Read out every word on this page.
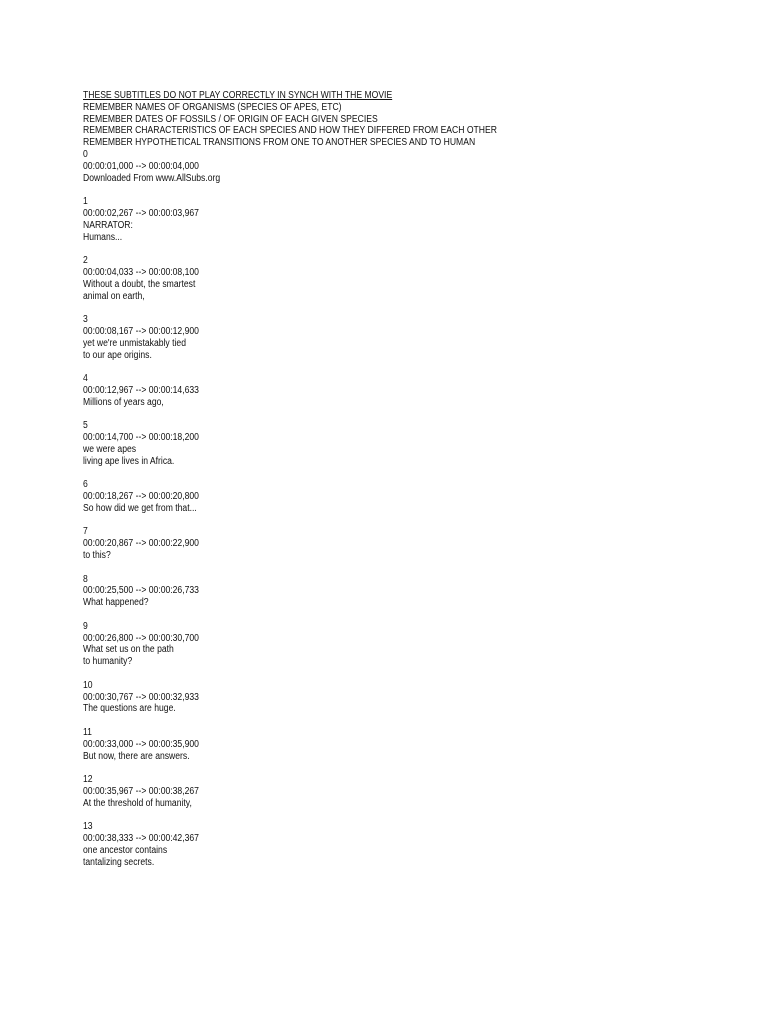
THESE SUBTITLES DO NOT PLAY CORRECTLY IN SYNCH WITH THE MOVIE
REMEMBER NAMES OF ORGANISMS (SPECIES OF APES, ETC)
REMEMBER DATES OF FOSSILS / OF ORIGIN OF EACH GIVEN SPECIES
REMEMBER CHARACTERISTICS OF EACH SPECIES AND HOW THEY DIFFERED FROM EACH OTHER
REMEMBER HYPOTHETICAL TRANSITIONS FROM ONE TO ANOTHER SPECIES AND TO HUMAN
0
00:00:01,000 --> 00:00:04,000
Downloaded From www.AllSubs.org
1
00:00:02,267 --> 00:00:03,967
NARRATOR:
Humans...
2
00:00:04,033 --> 00:00:08,100
Without a doubt, the smartest
animal on earth,
3
00:00:08,167 --> 00:00:12,900
yet we're unmistakably tied
to our ape origins.
4
00:00:12,967 --> 00:00:14,633
Millions of years ago,
5
00:00:14,700 --> 00:00:18,200
we were apes
living ape lives in Africa.
6
00:00:18,267 --> 00:00:20,800
So how did we get from that...
7
00:00:20,867 --> 00:00:22,900
to this?
8
00:00:25,500 --> 00:00:26,733
What happened?
9
00:00:26,800 --> 00:00:30,700
What set us on the path
to humanity?
10
00:00:30,767 --> 00:00:32,933
The questions are huge.
11
00:00:33,000 --> 00:00:35,900
But now, there are answers.
12
00:00:35,967 --> 00:00:38,267
At the threshold of humanity,
13
00:00:38,333 --> 00:00:42,367
one ancestor contains
tantalizing secrets.
